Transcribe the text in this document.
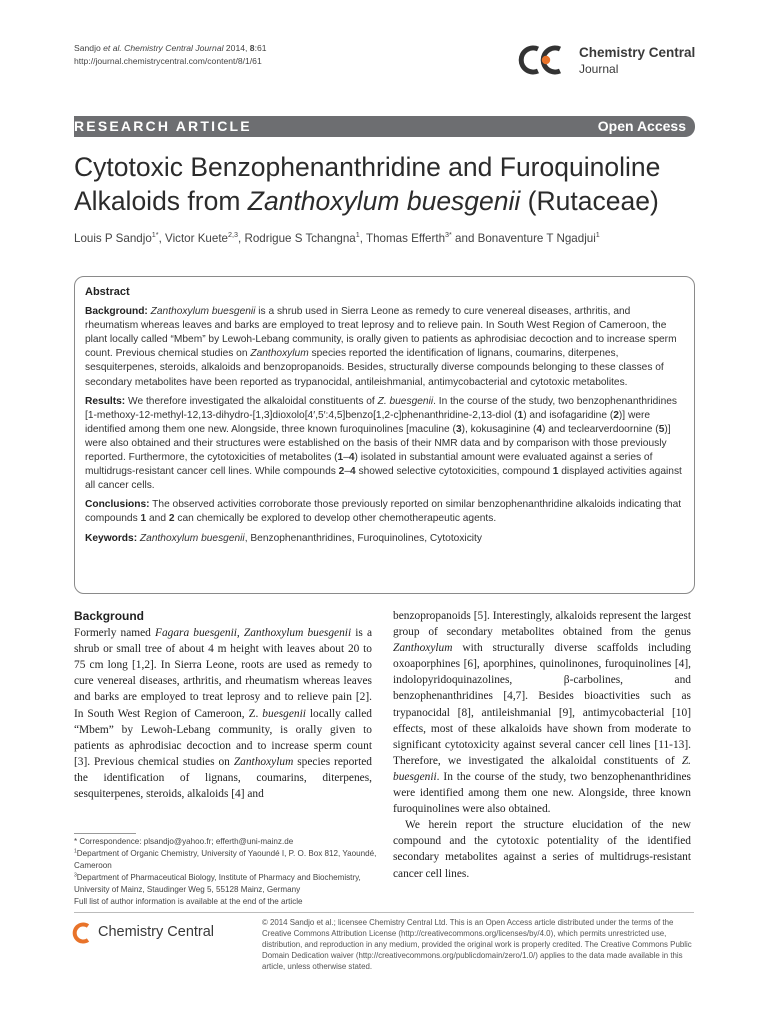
Sandjo et al. Chemistry Central Journal 2014, 8:61
http://journal.chemistrycentral.com/content/8/1/61
Chemistry Central
Journal
RESEARCH ARTICLE	Open Access
Cytotoxic Benzophenanthridine and Furoquinoline
Alkaloids from Zanthoxylum buesgenii (Rutaceae)
Louis P Sandjo$^{1*}$, Victor Kuete$^{2,3}$, Rodrigue S Tchangna$^1$, Thomas Efferth$^{3*}$ and Bonaventure T Ngadjui$^1$
Abstract

Background: Zanthoxylum buesgenii is a shrub used in Sierra Leone as remedy to cure venereal diseases, arthritis, and rheumatism whereas leaves and barks are employed to treat leprosy and to relieve pain. In South West Region of Cameroon, the plant locally called “Mbem” by Lewoh-Lebang community, is orally given to patients as aphrodisiac decoction and to increase sperm count. Previous chemical studies on Zanthoxylum species reported the identification of lignans, coumarins, diterpenes, sesquiterpenes, steroids, alkaloids and benzopropanoids. Besides, structurally diverse compounds belonging to these classes of secondary metabolites have been reported as trypanocidal, antileishmanial, antimycobacterial and cytotoxic metabolites.

Results: We therefore investigated the alkaloidal constituents of Z. buesgenii. In the course of the study, two benzophenanthridines [1-methoxy-12-methyl-12,13-dihydro-[1,3]dioxolo[4′,5′:4,5]benzo[1,2-c]phenanthridine-2,13-diol (1) and isofagaridine (2)] were identified among them one new. Alongside, three known furoquinolines [maculine (3), kokusaginine (4) and teclearverdoornine (5)] were also obtained and their structures were established on the basis of their NMR data and by comparison with those previously reported. Furthermore, the cytotoxicities of metabolites (1–4) isolated in substantial amount were evaluated against a series of multidrugs-resistant cancer cell lines. While compounds 2–4 showed selective cytotoxicities, compound 1 displayed activities against all cancer cells.

Conclusions: The observed activities corroborate those previously reported on similar benzophenanthridine alkaloids indicating that compounds 1 and 2 can chemically be explored to develop other chemotherapeutic agents.

Keywords: Zanthoxylum buesgenii, Benzophenanthridines, Furoquinolines, Cytotoxicity

Background

Formerly named Fagara buesgenii, Zanthoxylum buesgenii is a shrub or small tree of about 4 m height with leaves about 20 to 75 cm long [1,2]. In Sierra Leone, roots are used as remedy to cure venereal diseases, arthritis, and rheumatism whereas leaves and barks are employed to treat leprosy and to relieve pain [2]. In South West Region of Cameroon, Z. buesgenii locally called “Mbem” by Lewoh-Lebang community, is orally given to patients as aphrodisiac decoction and to increase sperm count [3]. Previous chemical studies on Zanthoxylum species reported the identification of lignans, coumarins, diterpenes, sesquiterpenes, steroids, alkaloids [4] and

benzopropanoids [5]. Interestingly, alkaloids represent the largest group of secondary metabolites obtained from the genus Zanthoxylum with structurally diverse scaffolds including oxoaporphines [6], aporphines, quinolinones, furoquinolines [4], indolopyridoquinazolines, β-carbolines, and benzophenanthridines [4,7]. Besides bioactivities such as trypanocidal [8], antileishmanial [9], antimycobacterial [10] effects, most of these alkaloids have shown from moderate to significant cytotoxicity against several cancer cell lines [11-13]. Therefore, we investigated the alkaloidal constituents of Z. buesgenii. In the course of the study, two benzophenanthridines were identified among them one new. Alongside, three known furoquinolines were also obtained.

We herein report the structure elucidation of the new compound and the cytotoxic potentiality of the identified secondary metabolites against a series of multidrugs-resistant cancer cell lines.

* Correspondence: plsandjo@yahoo.fr; efferth@uni-mainz.de
$^1$Department of Organic Chemistry, University of Yaoundé I, P. O. Box 812, Yaoundé, Cameroon
$^3$Department of Pharmaceutical Biology, Institute of Pharmacy and Biochemistry, University of Mainz, Staudinger Weg 5, 55128 Mainz, Germany
Full list of author information is available at the end of the article
Chemistry Central
© 2014 Sandjo et al.; licensee Chemistry Central Ltd. This is an Open Access article distributed under the terms of the Creative Commons Attribution License (http://creativecommons.org/licenses/by/4.0), which permits unrestricted use, distribution, and reproduction in any medium, provided the original work is properly credited. The Creative Commons Public Domain Dedication waiver (http://creativecommons.org/publicdomain/zero/1.0/) applies to the data made available in this article, unless otherwise stated.
